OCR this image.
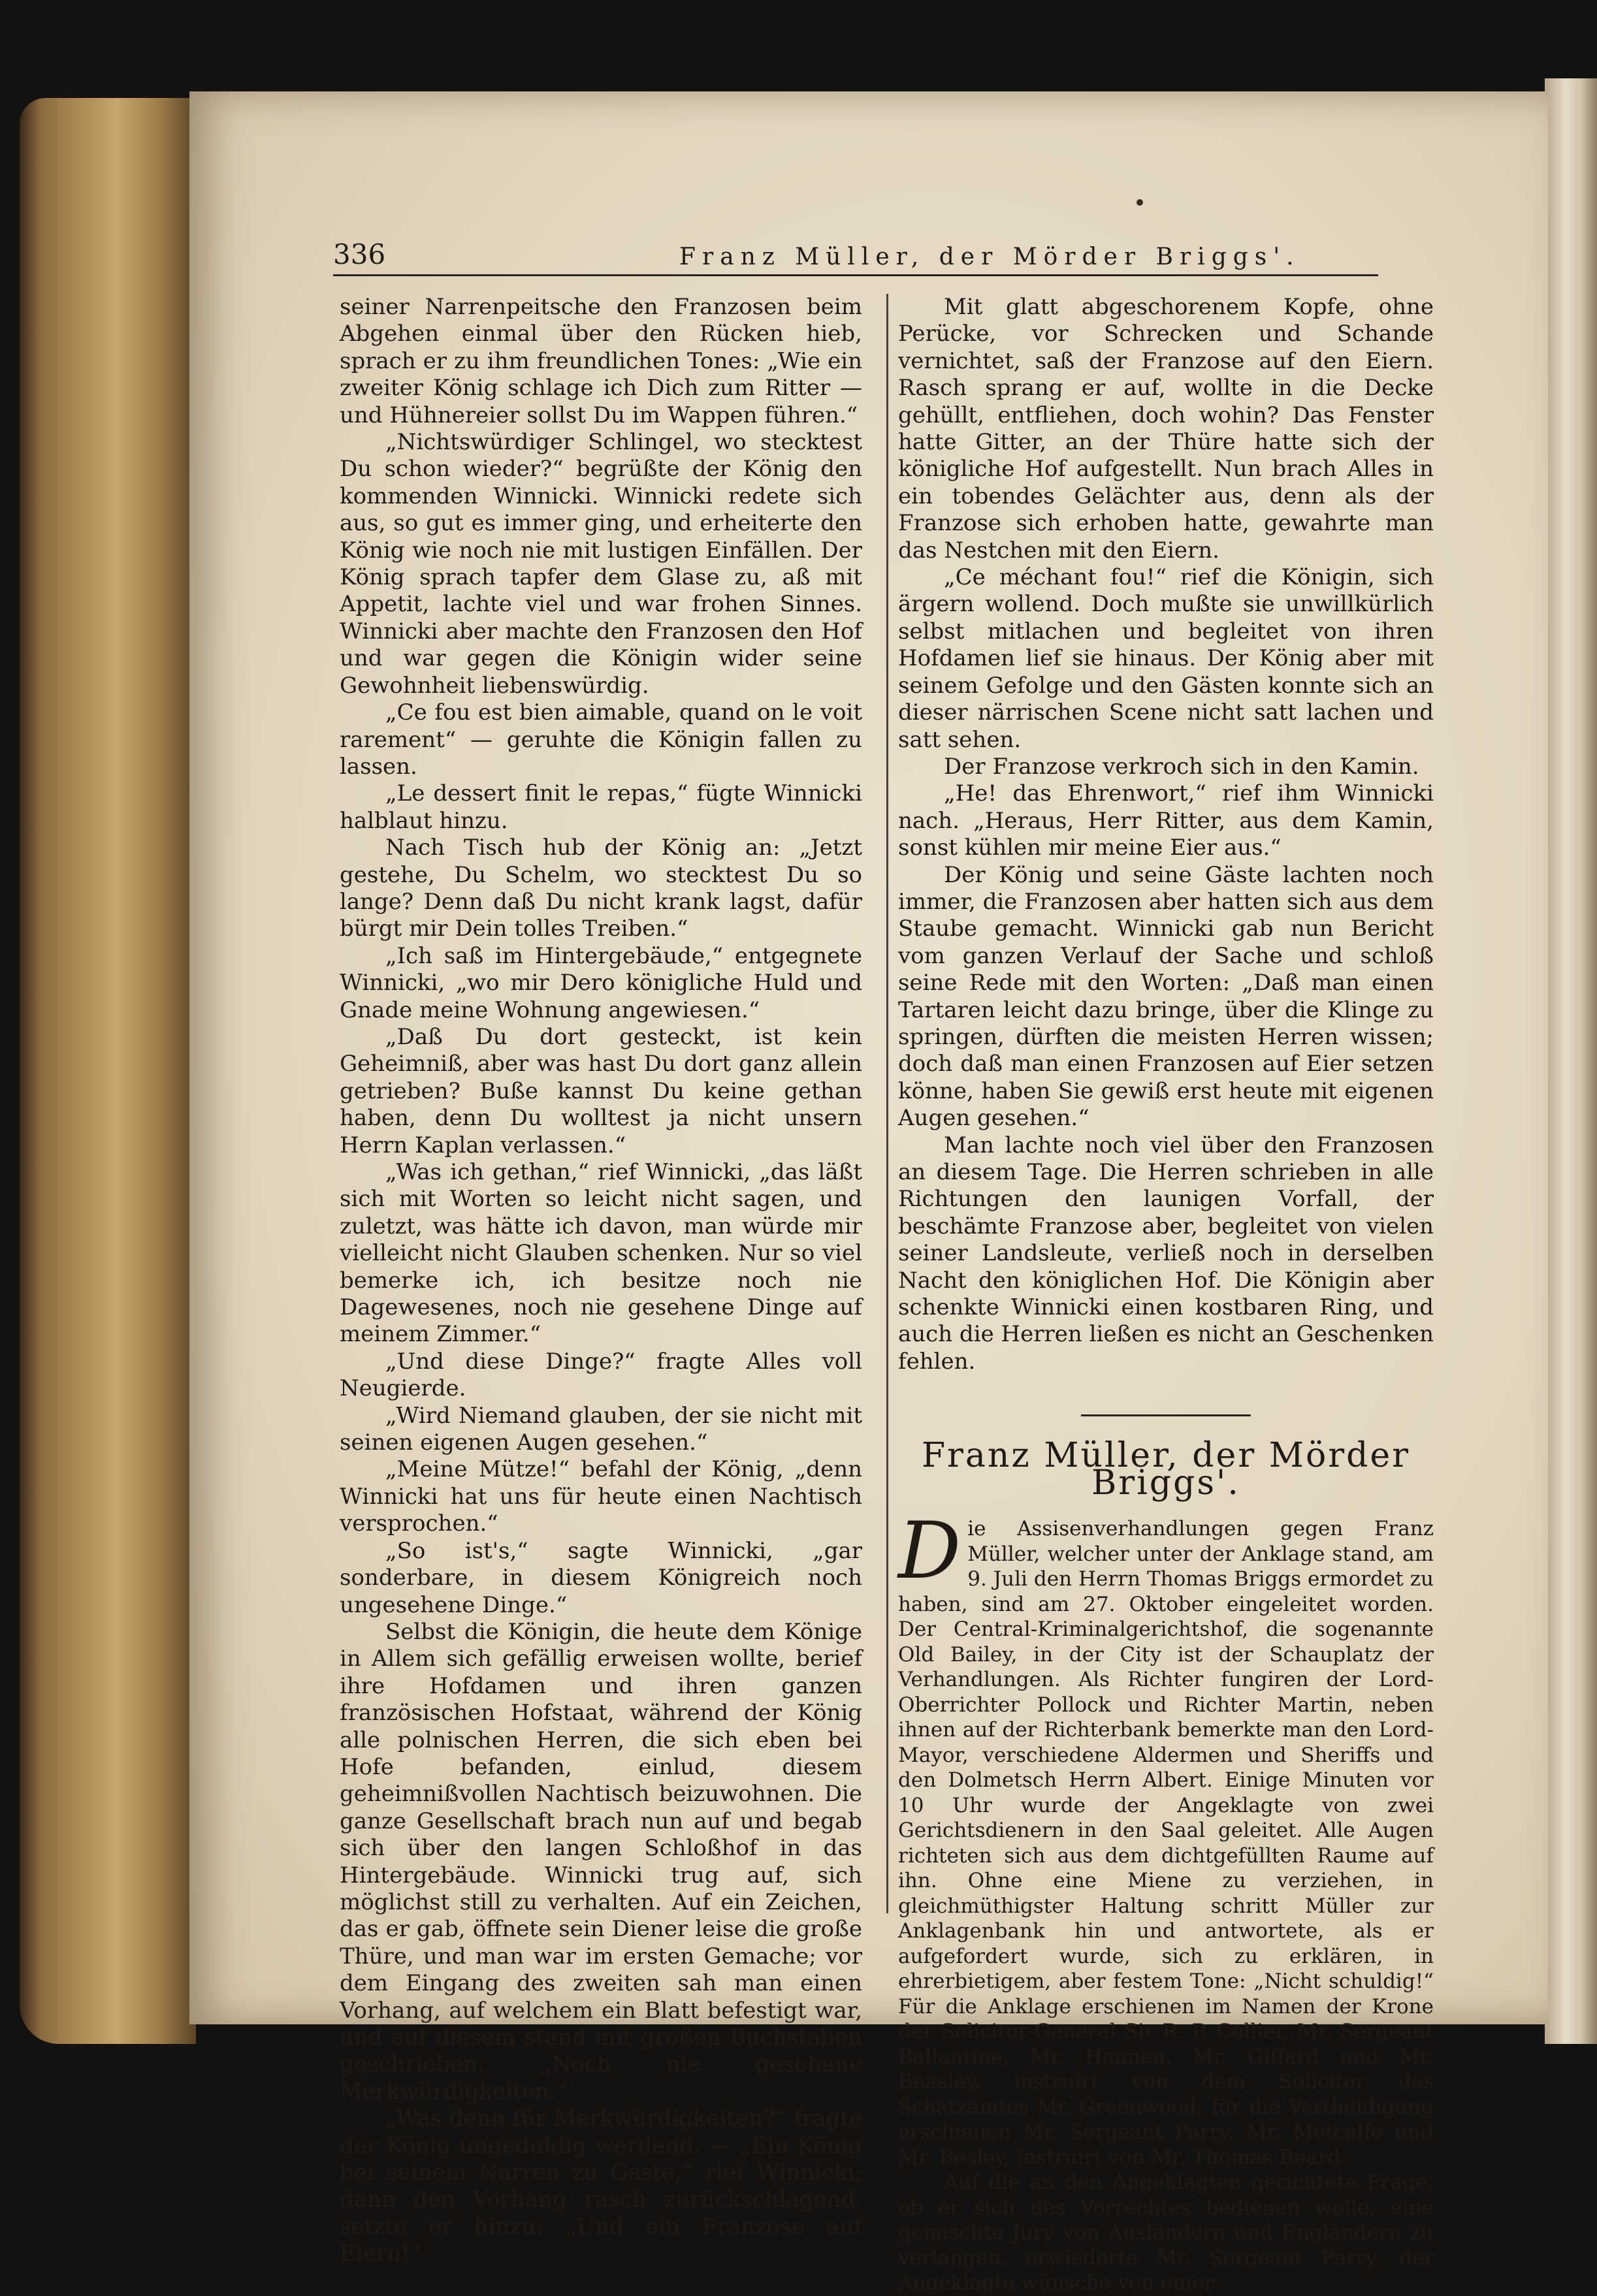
336	Franz Müller, der Mörder Briggs'.

seiner Narrenpeitsche den Franzosen beim Abgehen einmal über den Rücken hieb, sprach er zu ihm freundlichen Tones: „Wie ein zweiter König schlage ich Dich zum Ritter — und Hühnereier sollst Du im Wappen führen.“

„Nichtswürdiger Schlingel, wo stecktest Du schon wieder?“ begrüßte der König den kommenden Winnicki. Winnicki redete sich aus, so gut es immer ging, und erheiterte den König wie noch nie mit lustigen Einfällen. Der König sprach tapfer dem Glase zu, aß mit Appetit, lachte viel und war frohen Sinnes. Winnicki aber machte den Franzosen den Hof und war gegen die Königin wider seine Gewohnheit liebenswürdig.

„Ce fou est bien aimable, quand on le voit rarement“ — geruhte die Königin fallen zu lassen.

„Le dessert finit le repas,“ fügte Winnicki halblaut hinzu.

Nach Tisch hub der König an: „Jetzt gestehe, Du Schelm, wo stecktest Du so lange? Denn daß Du nicht krank lagst, dafür bürgt mir Dein tolles Treiben.“

„Ich saß im Hintergebäude,“ entgegnete Winnicki, „wo mir Dero königliche Huld und Gnade meine Wohnung angewiesen.“

„Daß Du dort gesteckt, ist kein Geheimniß, aber was hast Du dort ganz allein getrieben? Buße kannst Du keine gethan haben, denn Du wolltest ja nicht unsern Herrn Kaplan verlassen.“

„Was ich gethan,“ rief Winnicki, „das läßt sich mit Worten so leicht nicht sagen, und zuletzt, was hätte ich davon, man würde mir vielleicht nicht Glauben schenken. Nur so viel bemerke ich, ich besitze noch nie Dagewesenes, noch nie gesehene Dinge auf meinem Zimmer.“

„Und diese Dinge?“ fragte Alles voll Neugierde.

„Wird Niemand glauben, der sie nicht mit seinen eigenen Augen gesehen.“

„Meine Mütze!“ befahl der König, „denn Winnicki hat uns für heute einen Nachtisch versprochen.“

„So ist's,“ sagte Winnicki, „gar sonderbare, in diesem Königreich noch ungesehene Dinge.“

Selbst die Königin, die heute dem Könige in Allem sich gefällig erweisen wollte, berief ihre Hofdamen und ihren ganzen französischen Hofstaat, während der König alle polnischen Herren, die sich eben bei Hofe befanden, einlud, diesem geheimnißvollen Nachtisch beizuwohnen. Die ganze Gesellschaft brach nun auf und begab sich über den langen Schloßhof in das Hintergebäude. Winnicki trug auf, sich möglichst still zu verhalten. Auf ein Zeichen, das er gab, öffnete sein Diener leise die große Thüre, und man war im ersten Gemache; vor dem Eingang des zweiten sah man einen Vorhang, auf welchem ein Blatt befestigt war, und auf diesem stand mit großen Buchstaben geschrieben: „Noch nie gesehene Merkwürdigkeiten.“

„Was denn für Merkwürdigkeiten?“ fragte der König ungeduldig werdend. — „Ein König bei seinem Narren zu Gaste,“ rief Winnicki; dann den Vorhang rasch zurückschlagend, setzte er hinzu: „Und ein Franzose auf Eiern!“

Mit glatt abgeschorenem Kopfe, ohne Perücke, vor Schrecken und Schande vernichtet, saß der Franzose auf den Eiern. Rasch sprang er auf, wollte in die Decke gehüllt, entfliehen, doch wohin? Das Fenster hatte Gitter, an der Thüre hatte sich der königliche Hof aufgestellt. Nun brach Alles in ein tobendes Gelächter aus, denn als der Franzose sich erhoben hatte, gewahrte man das Nestchen mit den Eiern.

„Ce méchant fou!“ rief die Königin, sich ärgern wollend. Doch mußte sie unwillkürlich selbst mitlachen und begleitet von ihren Hofdamen lief sie hinaus. Der König aber mit seinem Gefolge und den Gästen konnte sich an dieser närrischen Scene nicht satt lachen und satt sehen.

Der Franzose verkroch sich in den Kamin.

„He! das Ehrenwort,“ rief ihm Winnicki nach. „Heraus, Herr Ritter, aus dem Kamin, sonst kühlen mir meine Eier aus.“

Der König und seine Gäste lachten noch immer, die Franzosen aber hatten sich aus dem Staube gemacht. Winnicki gab nun Bericht vom ganzen Verlauf der Sache und schloß seine Rede mit den Worten: „Daß man einen Tartaren leicht dazu bringe, über die Klinge zu springen, dürften die meisten Herren wissen; doch daß man einen Franzosen auf Eier setzen könne, haben Sie gewiß erst heute mit eigenen Augen gesehen.“

Man lachte noch viel über den Franzosen an diesem Tage. Die Herren schrieben in alle Richtungen den launigen Vorfall, der beschämte Franzose aber, begleitet von vielen seiner Landsleute, verließ noch in derselben Nacht den königlichen Hof. Die Königin aber schenkte Winnicki einen kostbaren Ring, und auch die Herren ließen es nicht an Geschenken fehlen.

Franz Müller, der Mörder Briggs'.

Die Assisenverhandlungen gegen Franz Müller, welcher unter der Anklage stand, am 9. Juli den Herrn Thomas Briggs ermordet zu haben, sind am 27. Oktober eingeleitet worden. Der Central-Kriminalgerichtshof, die sogenannte Old Bailey, in der City ist der Schauplatz der Verhandlungen. Als Richter fungiren der Lord-Oberrichter Pollock und Richter Martin, neben ihnen auf der Richterbank bemerkte man den Lord-Mayor, verschiedene Aldermen und Sheriffs und den Dolmetsch Herrn Albert. Einige Minuten vor 10 Uhr wurde der Angeklagte von zwei Gerichtsdienern in den Saal geleitet. Alle Augen richteten sich aus dem dichtgefüllten Raume auf ihn. Ohne eine Miene zu verziehen, in gleichmüthigster Haltung schritt Müller zur Anklagenbank hin und antwortete, als er aufgefordert wurde, sich zu erklären, in ehrerbietigem, aber festem Tone: „Nicht schuldig!“ Für die Anklage erschienen im Namen der Krone der Solicitor-General Sir R. P. Collier, Mr. Sergeant Ballantine, Mr. Hannen, Mr. Giffard und Mr. Beasley, instruirt von dem Solicitor des Schatzamtes Mr. Greenwood; für die Vertheidigung erschienen Mr. Sergeant Parry, Mr. Metcalfe und Mr. Besley, instruirt von Mr. Thomas Beard.

Auf die an den Angeklagten gerichtete Frage, ob er sich des Vorrechtes bedienen wolle, eine gemischte Jury von Ausländern und Engländern zu verlangen, erwiederte Mr. Sergeant Parry, der Angeklagte wünsche von einer
